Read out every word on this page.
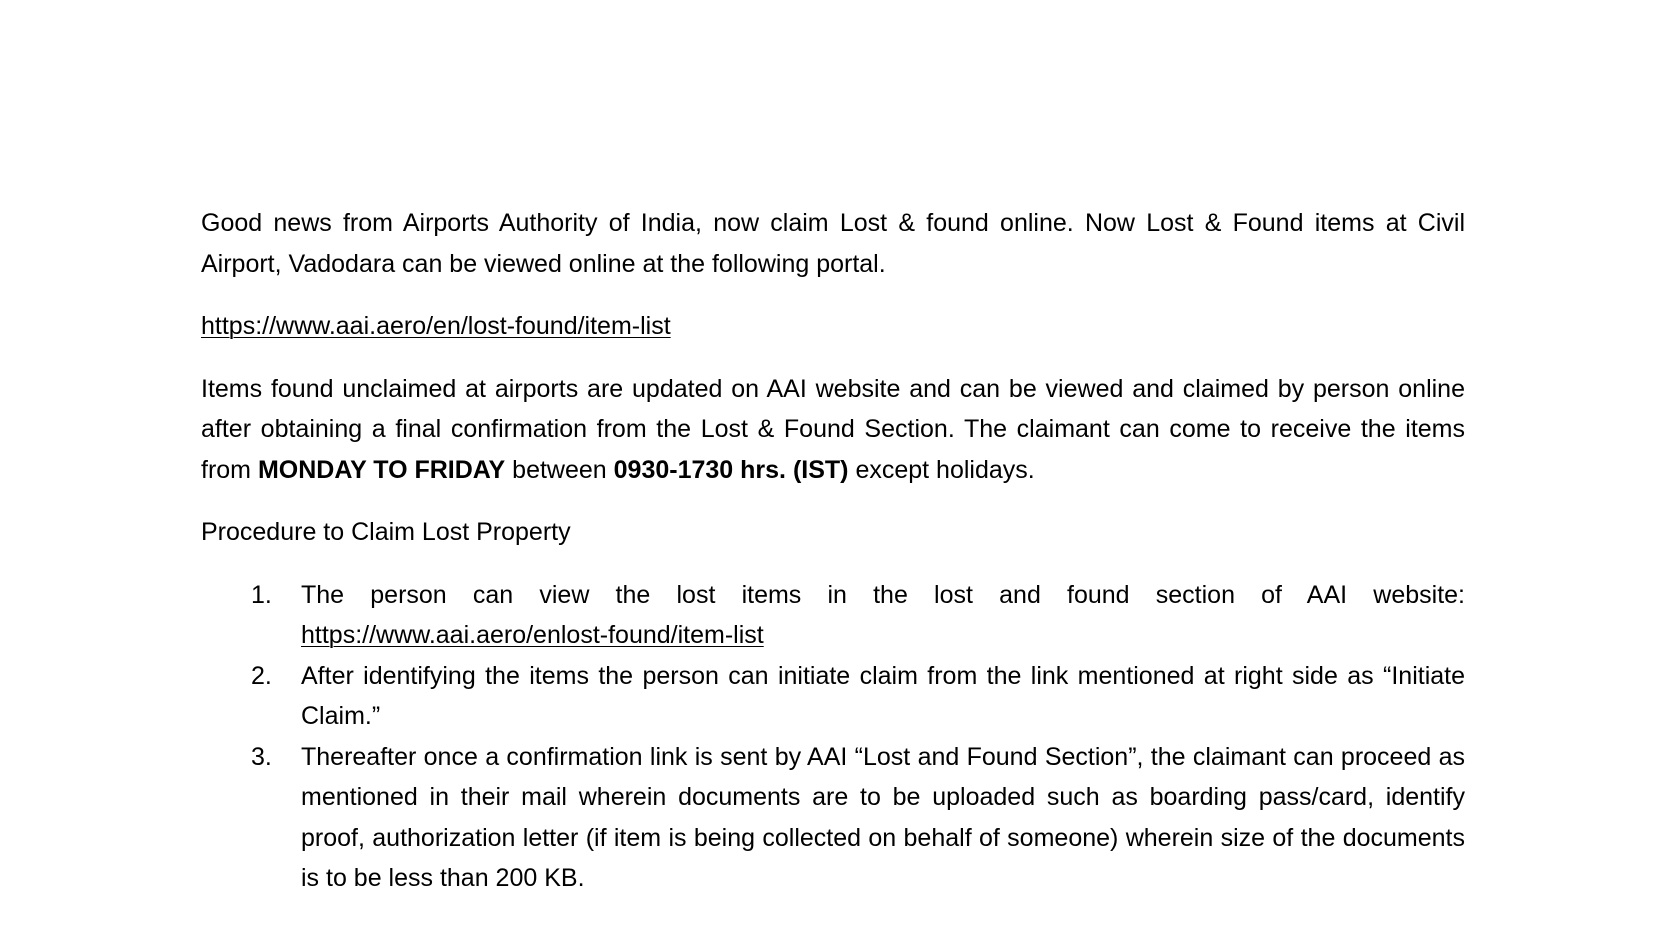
Good news from Airports Authority of India, now claim Lost & found online. Now Lost & Found items at Civil Airport, Vadodara can be viewed online at the following portal.

https://www.aai.aero/en/lost-found/item-list

Items found unclaimed at airports are updated on AAI website and can be viewed and claimed by person online after obtaining a final confirmation from the Lost & Found Section. The claimant can come to receive the items from MONDAY TO FRIDAY between 0930-1730 hrs. (IST) except holidays.

Procedure to Claim Lost Property

1. The person can view the lost items in the lost and found section of AAI website: https://www.aai.aero/enlost-found/item-list
2. After identifying the items the person can initiate claim from the link mentioned at right side as “Initiate Claim.”
3. Thereafter once a confirmation link is sent by AAI “Lost and Found Section”, the claimant can proceed as mentioned in their mail wherein documents are to be uploaded such as boarding pass/card, identify proof, authorization letter (if item is being collected on behalf of someone) wherein size of the documents is to be less than 200 KB.
